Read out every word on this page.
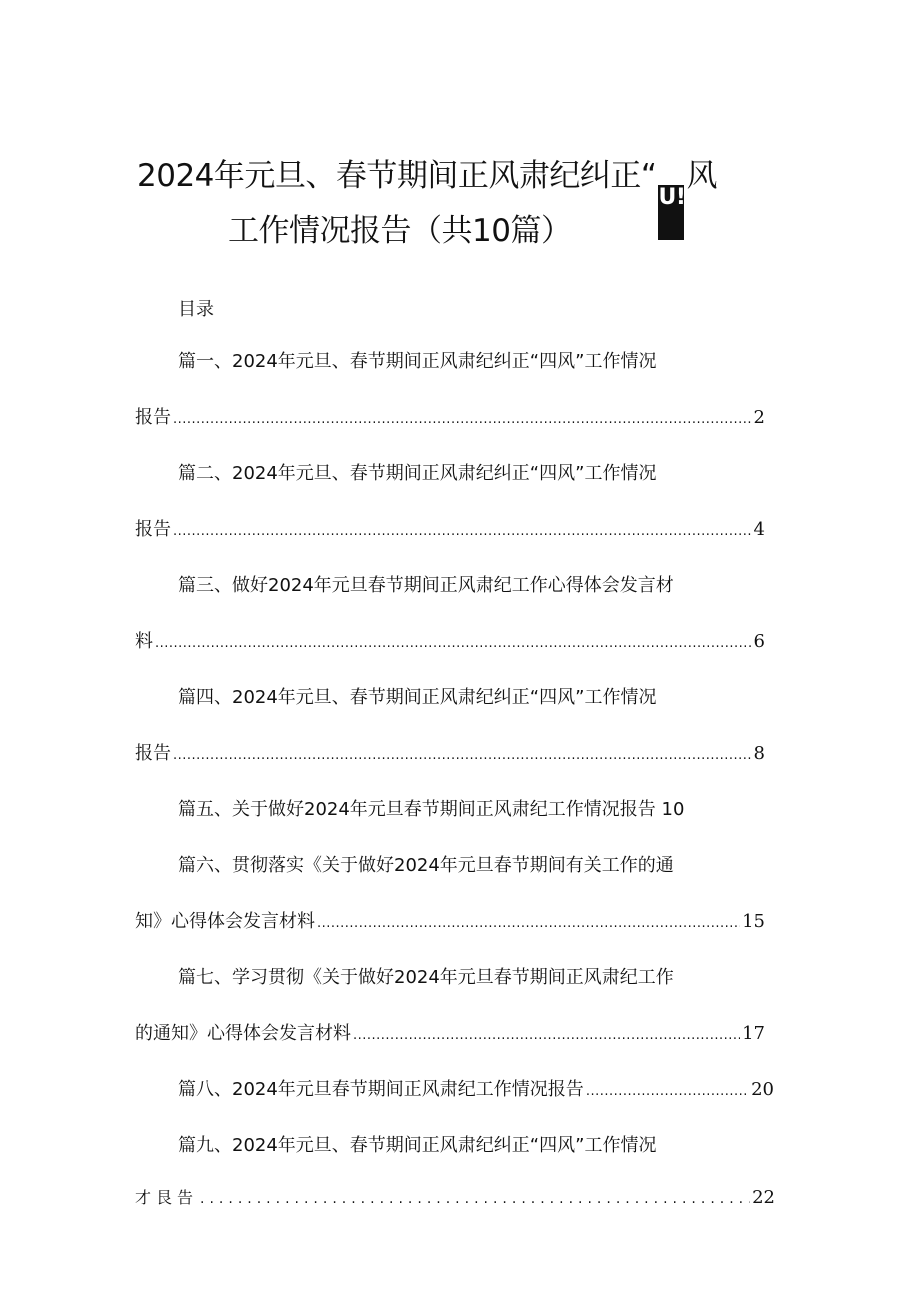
2024年元旦、春节期间正风肃纪纠正“U!风
工作情况报告（共10篇）
目录
篇一、2024年元旦、春节期间正风肃纪纠正“四风”工作情况
报告 .....	2
篇二、2024年元旦、春节期间正风肃纪纠正“四风”工作情况
报告 .....	4
篇三、做好2024年元旦春节期间正风肃纪工作心得体会发言材
料 .....	6
篇四、2024年元旦、春节期间正风肃纪纠正“四风”工作情况
报告 .....	8
篇五、关于做好2024年元旦春节期间正风肃纪工作情况报告 10
篇六、贯彻落实《关于做好2024年元旦春节期间有关工作的通
知》心得体会发言材料 .....	15
篇七、学习贯彻《关于做好2024年元旦春节期间正风肃纪工作
的通知》心得体会发言材料 .....	17
篇八、2024年元旦春节期间正风肃纪工作情况报告 .....	20
篇九、2024年元旦、春节期间正风肃纪纠正“四风”工作情况
才艮告 .....	22
